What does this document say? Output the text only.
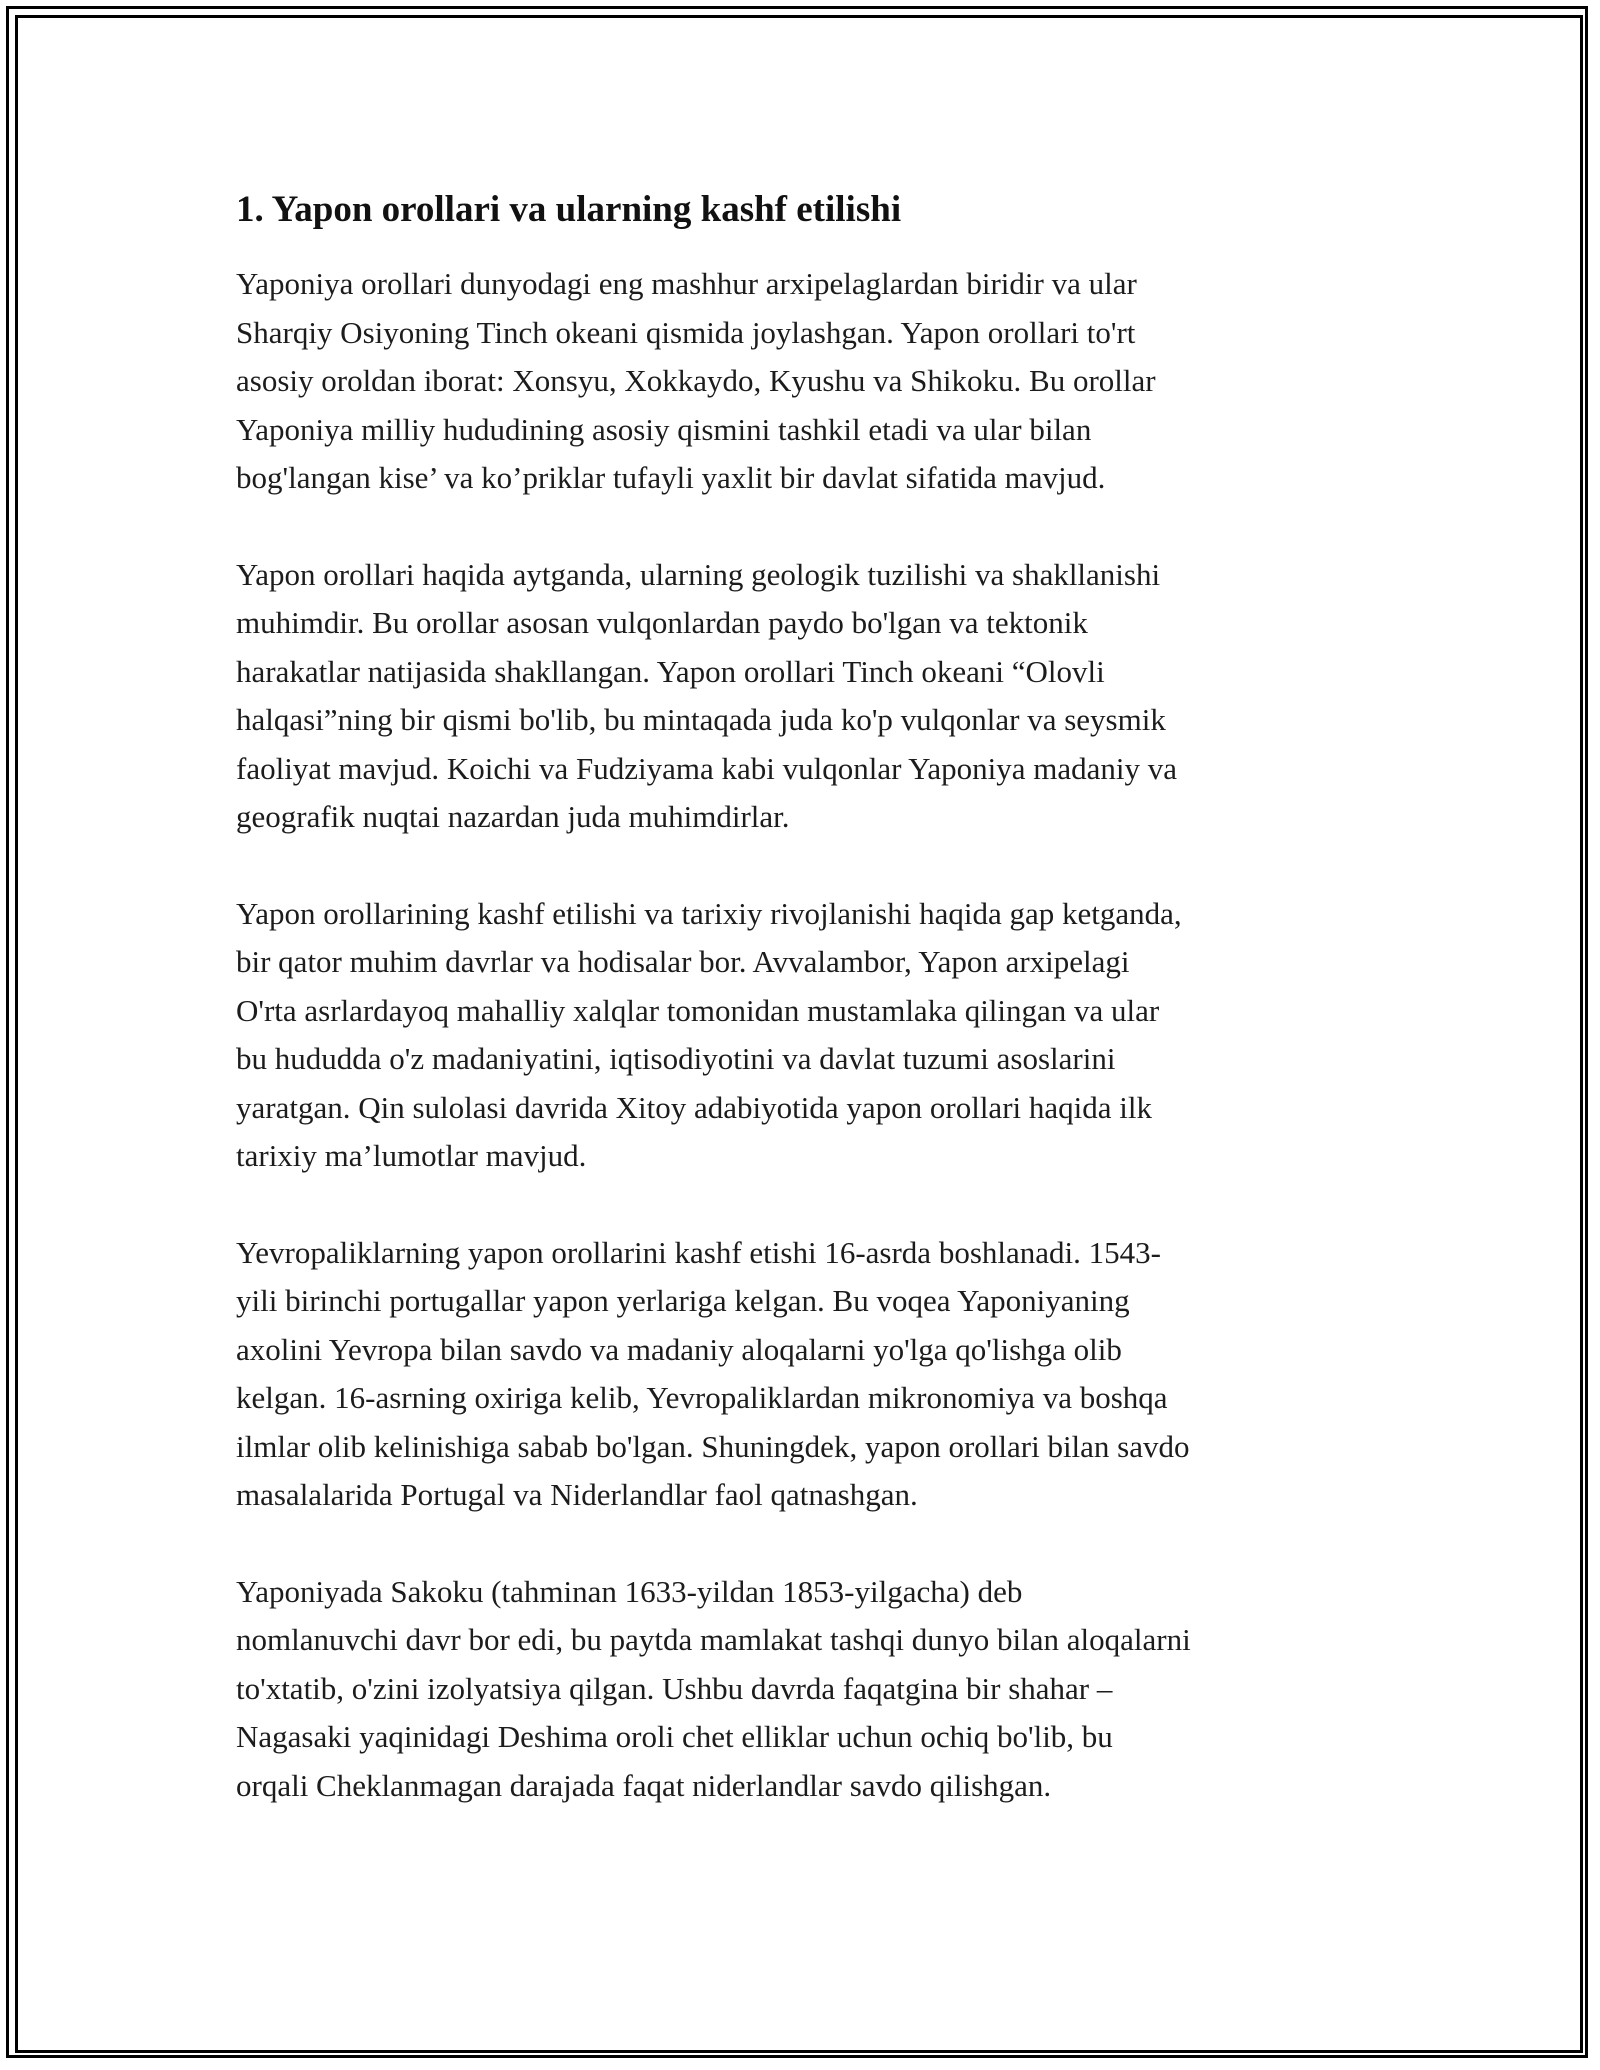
1. Yapon orollari va ularning kashf etilishi

Yaponiya orollari dunyodagi eng mashhur arxipelaglardan biridir va ular
Sharqiy Osiyoning Tinch okeani qismida joylashgan. Yapon orollari to'rt
asosiy oroldan iborat: Xonsyu, Xokkaydo, Kyushu va Shikoku. Bu orollar
Yaponiya milliy hududining asosiy qismini tashkil etadi va ular bilan
bog'langan kise’ va ko’priklar tufayli yaxlit bir davlat sifatida mavjud.

Yapon orollari haqida aytganda, ularning geologik tuzilishi va shakllanishi
muhimdir. Bu orollar asosan vulqonlardan paydo bo'lgan va tektonik
harakatlar natijasida shakllangan. Yapon orollari Tinch okeani “Olovli
halqasi”ning bir qismi bo'lib, bu mintaqada juda ko'p vulqonlar va seysmik
faoliyat mavjud. Koichi va Fudziyama kabi vulqonlar Yaponiya madaniy va
geografik nuqtai nazardan juda muhimdirlar.

Yapon orollarining kashf etilishi va tarixiy rivojlanishi haqida gap ketganda,
bir qator muhim davrlar va hodisalar bor. Avvalambor, Yapon arxipelagi
O'rta asrlardayoq mahalliy xalqlar tomonidan mustamlaka qilingan va ular
bu hududda o'z madaniyatini, iqtisodiyotini va davlat tuzumi asoslarini
yaratgan. Qin sulolasi davrida Xitoy adabiyotida yapon orollari haqida ilk
tarixiy ma’lumotlar mavjud.

Yevropaliklarning yapon orollarini kashf etishi 16-asrda boshlanadi. 1543-
yili birinchi portugallar yapon yerlariga kelgan. Bu voqea Yaponiyaning
axolini Yevropa bilan savdo va madaniy aloqalarni yo'lga qo'lishga olib
kelgan. 16-asrning oxiriga kelib, Yevropaliklardan mikronomiya va boshqa
ilmlar olib kelinishiga sabab bo'lgan. Shuningdek, yapon orollari bilan savdo
masalalarida Portugal va Niderlandlar faol qatnashgan.

Yaponiyada Sakoku (tahminan 1633-yildan 1853-yilgacha) deb
nomlanuvchi davr bor edi, bu paytda mamlakat tashqi dunyo bilan aloqalarni
to'xtatib, o'zini izolyatsiya qilgan. Ushbu davrda faqatgina bir shahar –
Nagasaki yaqinidagi Deshima oroli chet elliklar uchun ochiq bo'lib, bu
orqali Cheklanmagan darajada faqat niderlandlar savdo qilishgan.
